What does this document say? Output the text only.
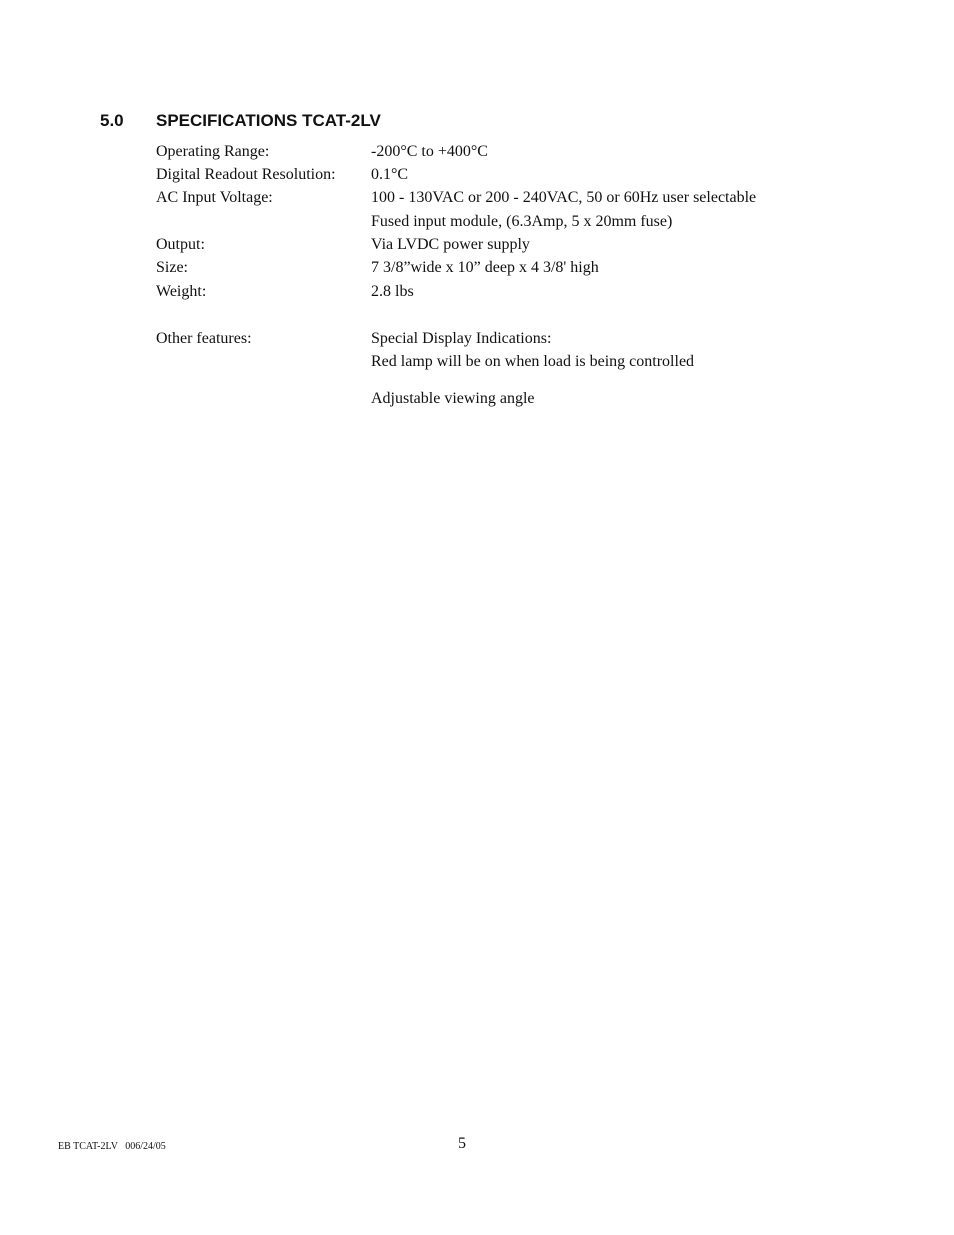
5.0 SPECIFICATIONS TCAT-2LV
Operating Range:	-200°C to +400°C
Digital Readout Resolution: 0.1°C
AC Input Voltage:	100 - 130VAC or 200 - 240VAC, 50 or 60Hz user selectable
Fused input module, (6.3Amp, 5 x 20mm fuse)
Output:	Via LVDC power supply
Size:	7 3/8”wide x 10” deep x 4 3/8' high
Weight:	2.8 lbs
Other features:	Special Display Indications:
Red lamp will be on when load is being controlled
Adjustable viewing angle
EB TCAT-2LV   006/24/05	5
